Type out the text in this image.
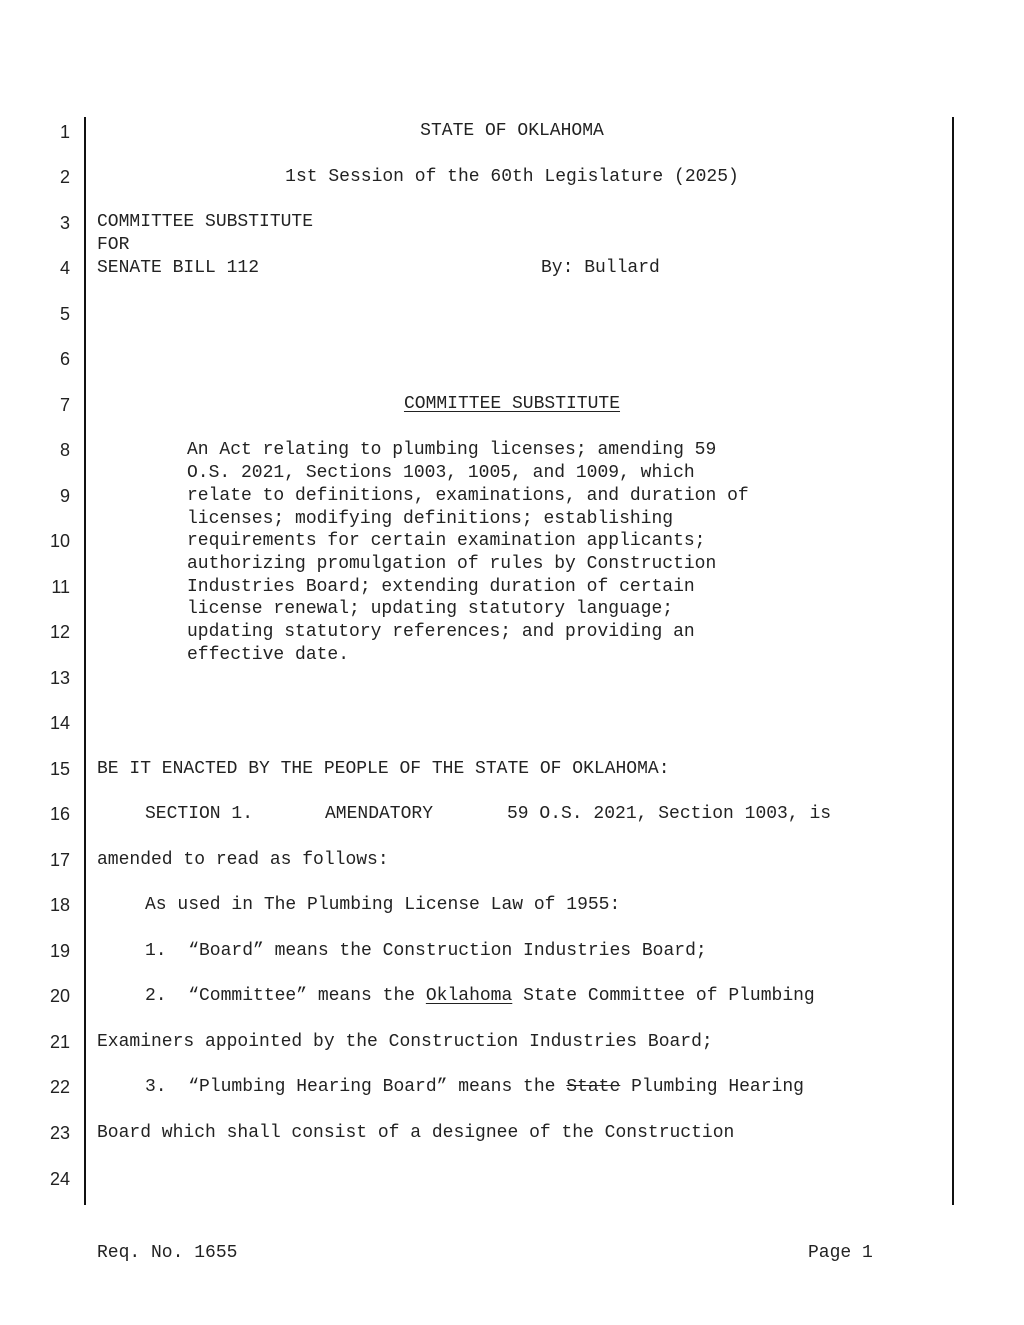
1
2
3
4
5
6
7
8
9
10
11
12
13
14
15
16
17
18
19
20
21
22
23
24
STATE OF OKLAHOMA
1st Session of the 60th Legislature (2025)
COMMITTEE SUBSTITUTE
FOR
SENATE BILL 112	By: Bullard
COMMITTEE SUBSTITUTE
An Act relating to plumbing licenses; amending 59
O.S. 2021, Sections 1003, 1005, and 1009, which
relate to definitions, examinations, and duration of
licenses; modifying definitions; establishing
requirements for certain examination applicants;
authorizing promulgation of rules by Construction
Industries Board; extending duration of certain
license renewal; updating statutory language;
updating statutory references; and providing an
effective date.
BE IT ENACTED BY THE PEOPLE OF THE STATE OF OKLAHOMA:
SECTION 1.	AMENDATORY	59 O.S. 2021, Section 1003, is
amended to read as follows:
As used in The Plumbing License Law of 1955:
1.  “Board” means the Construction Industries Board;
2.  “Committee” means the Oklahoma State Committee of Plumbing
Examiners appointed by the Construction Industries Board;
3.  “Plumbing Hearing Board” means the State Plumbing Hearing
Board which shall consist of a designee of the Construction
Req. No. 1655	Page 1
